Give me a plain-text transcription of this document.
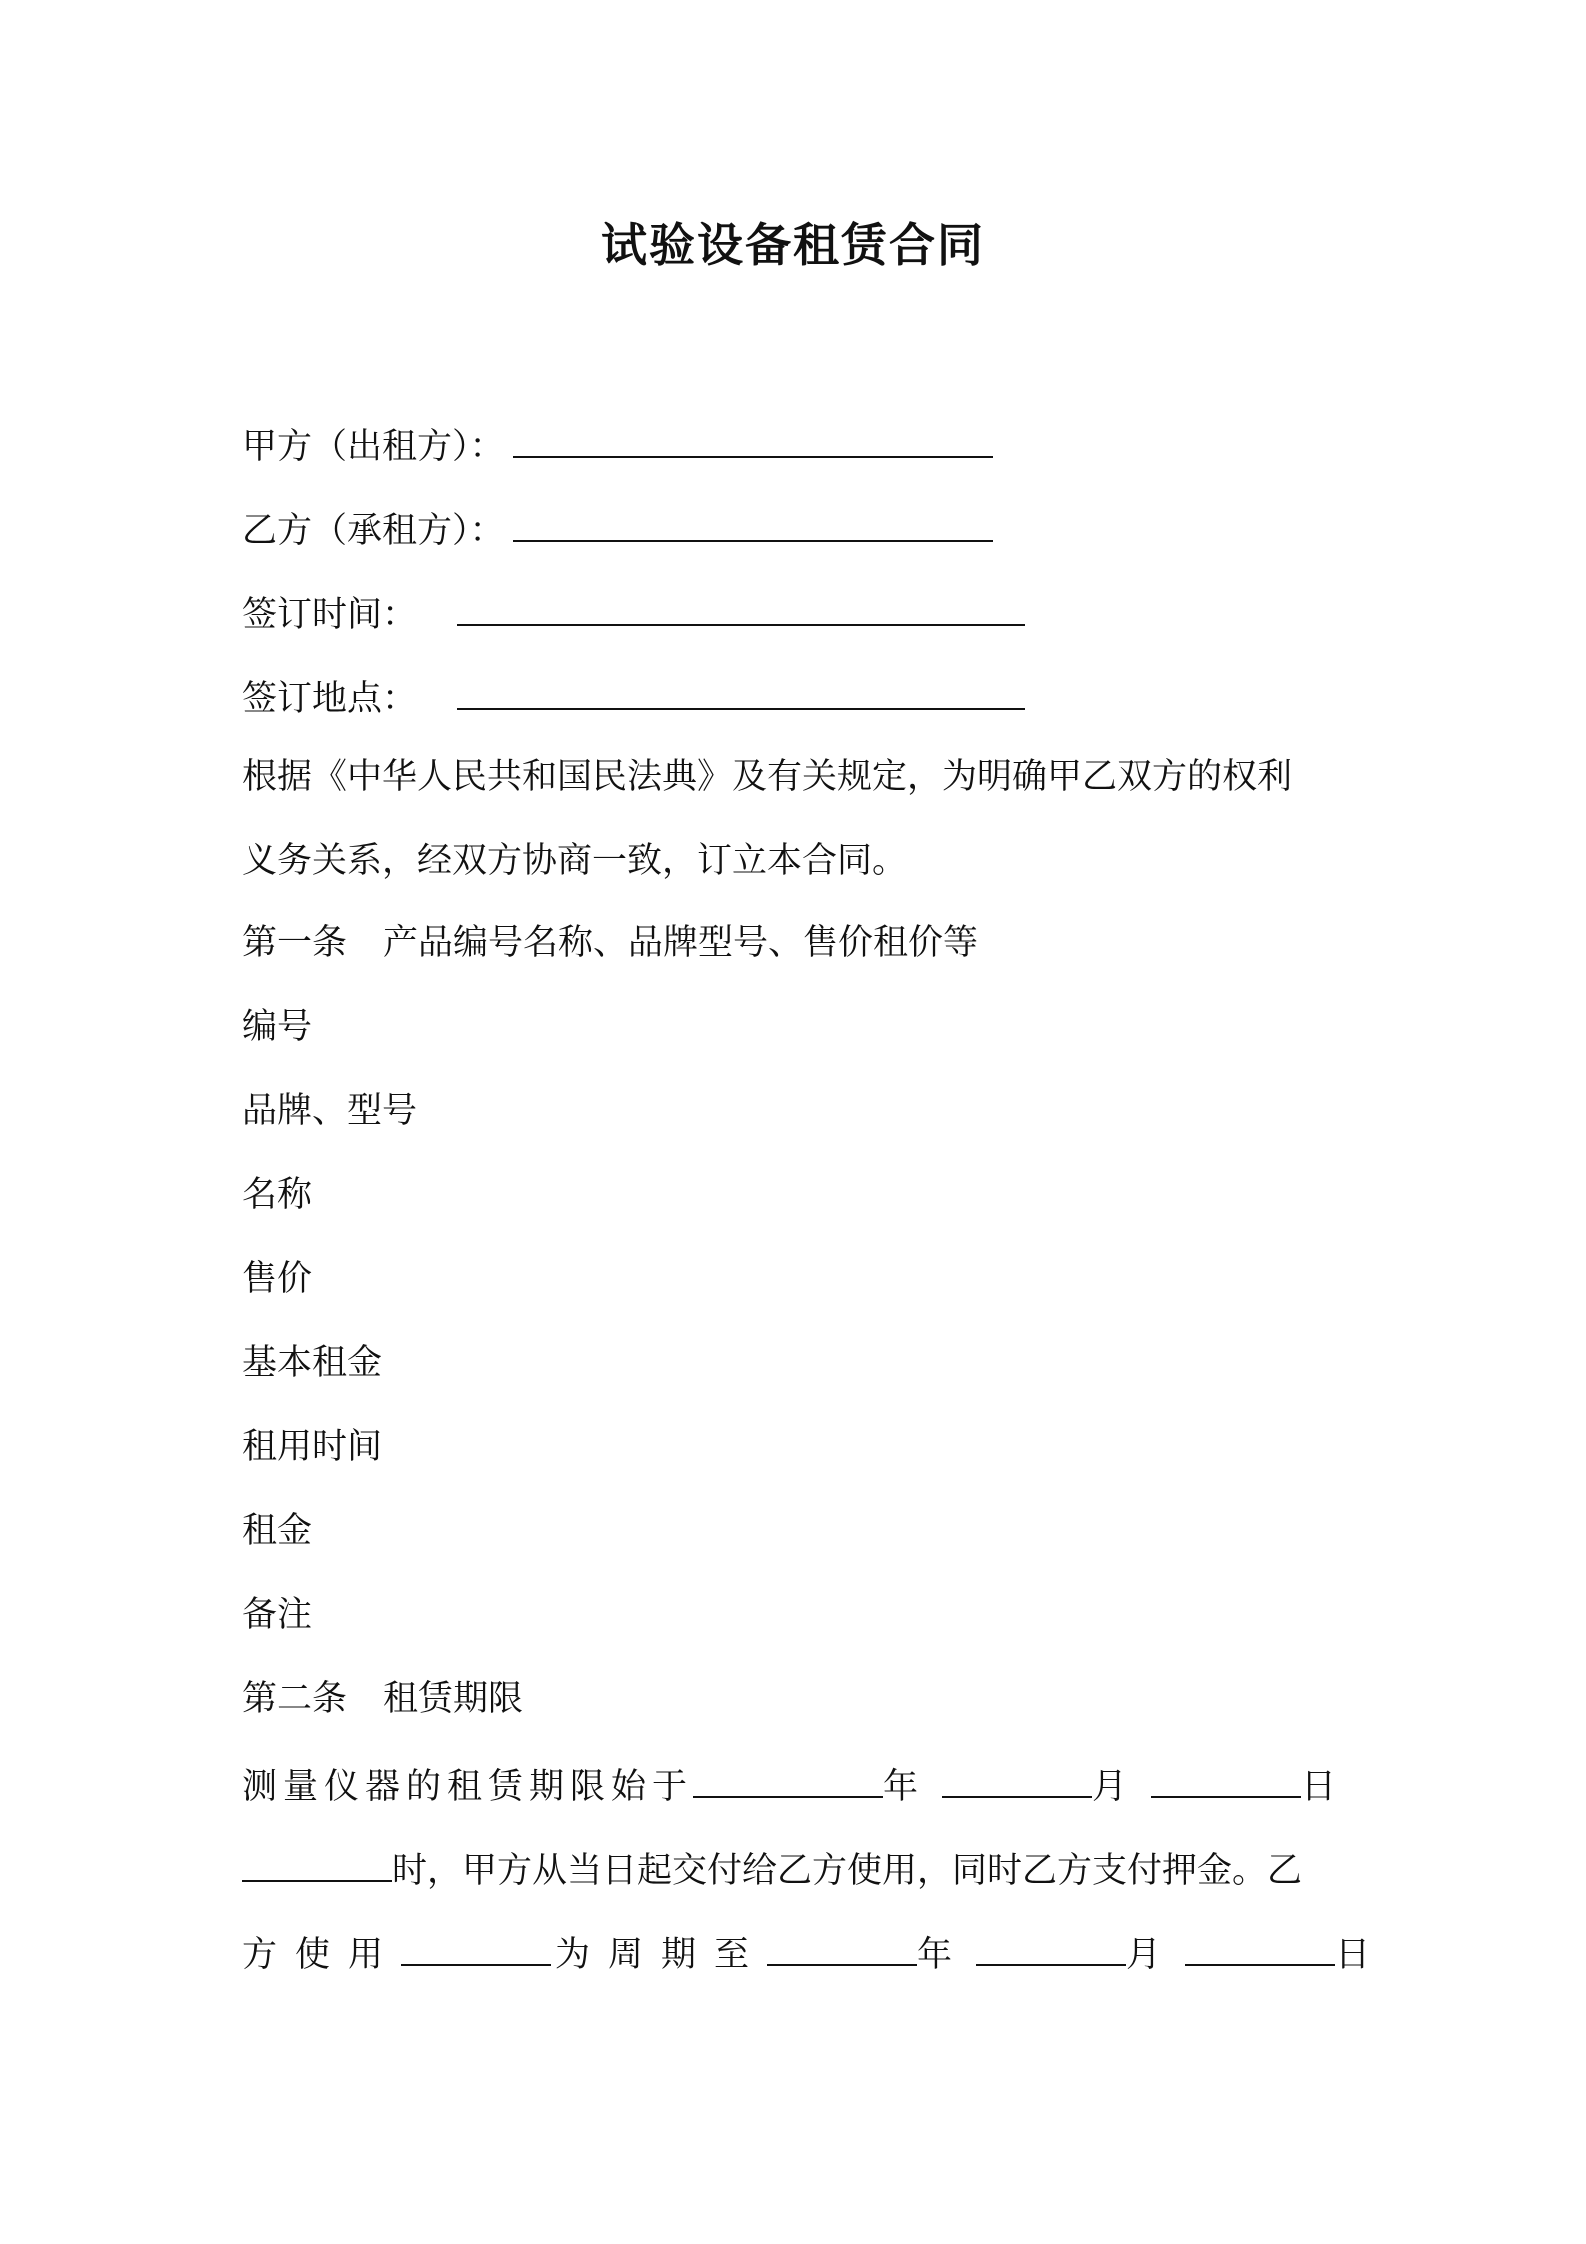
试验设备租赁合同
甲方（出租方）：
乙方（承租方）：
签订时间：
签订地点：
根据《中华人民共和国民法典》及有关规定，为明确甲乙双方的权利
义务关系，经双方协商一致，订立本合同。
第一条 产品编号名称、品牌型号、售价租价等
编号
品牌、型号
名称
售价
基本租金
租用时间
租金
备注
第二条 租赁期限
测量仪器的租赁期限始于	年	月	日
时，甲方从当日起交付给乙方使用，同时乙方支付押金。乙
方使用	为周期至	年	月	日
